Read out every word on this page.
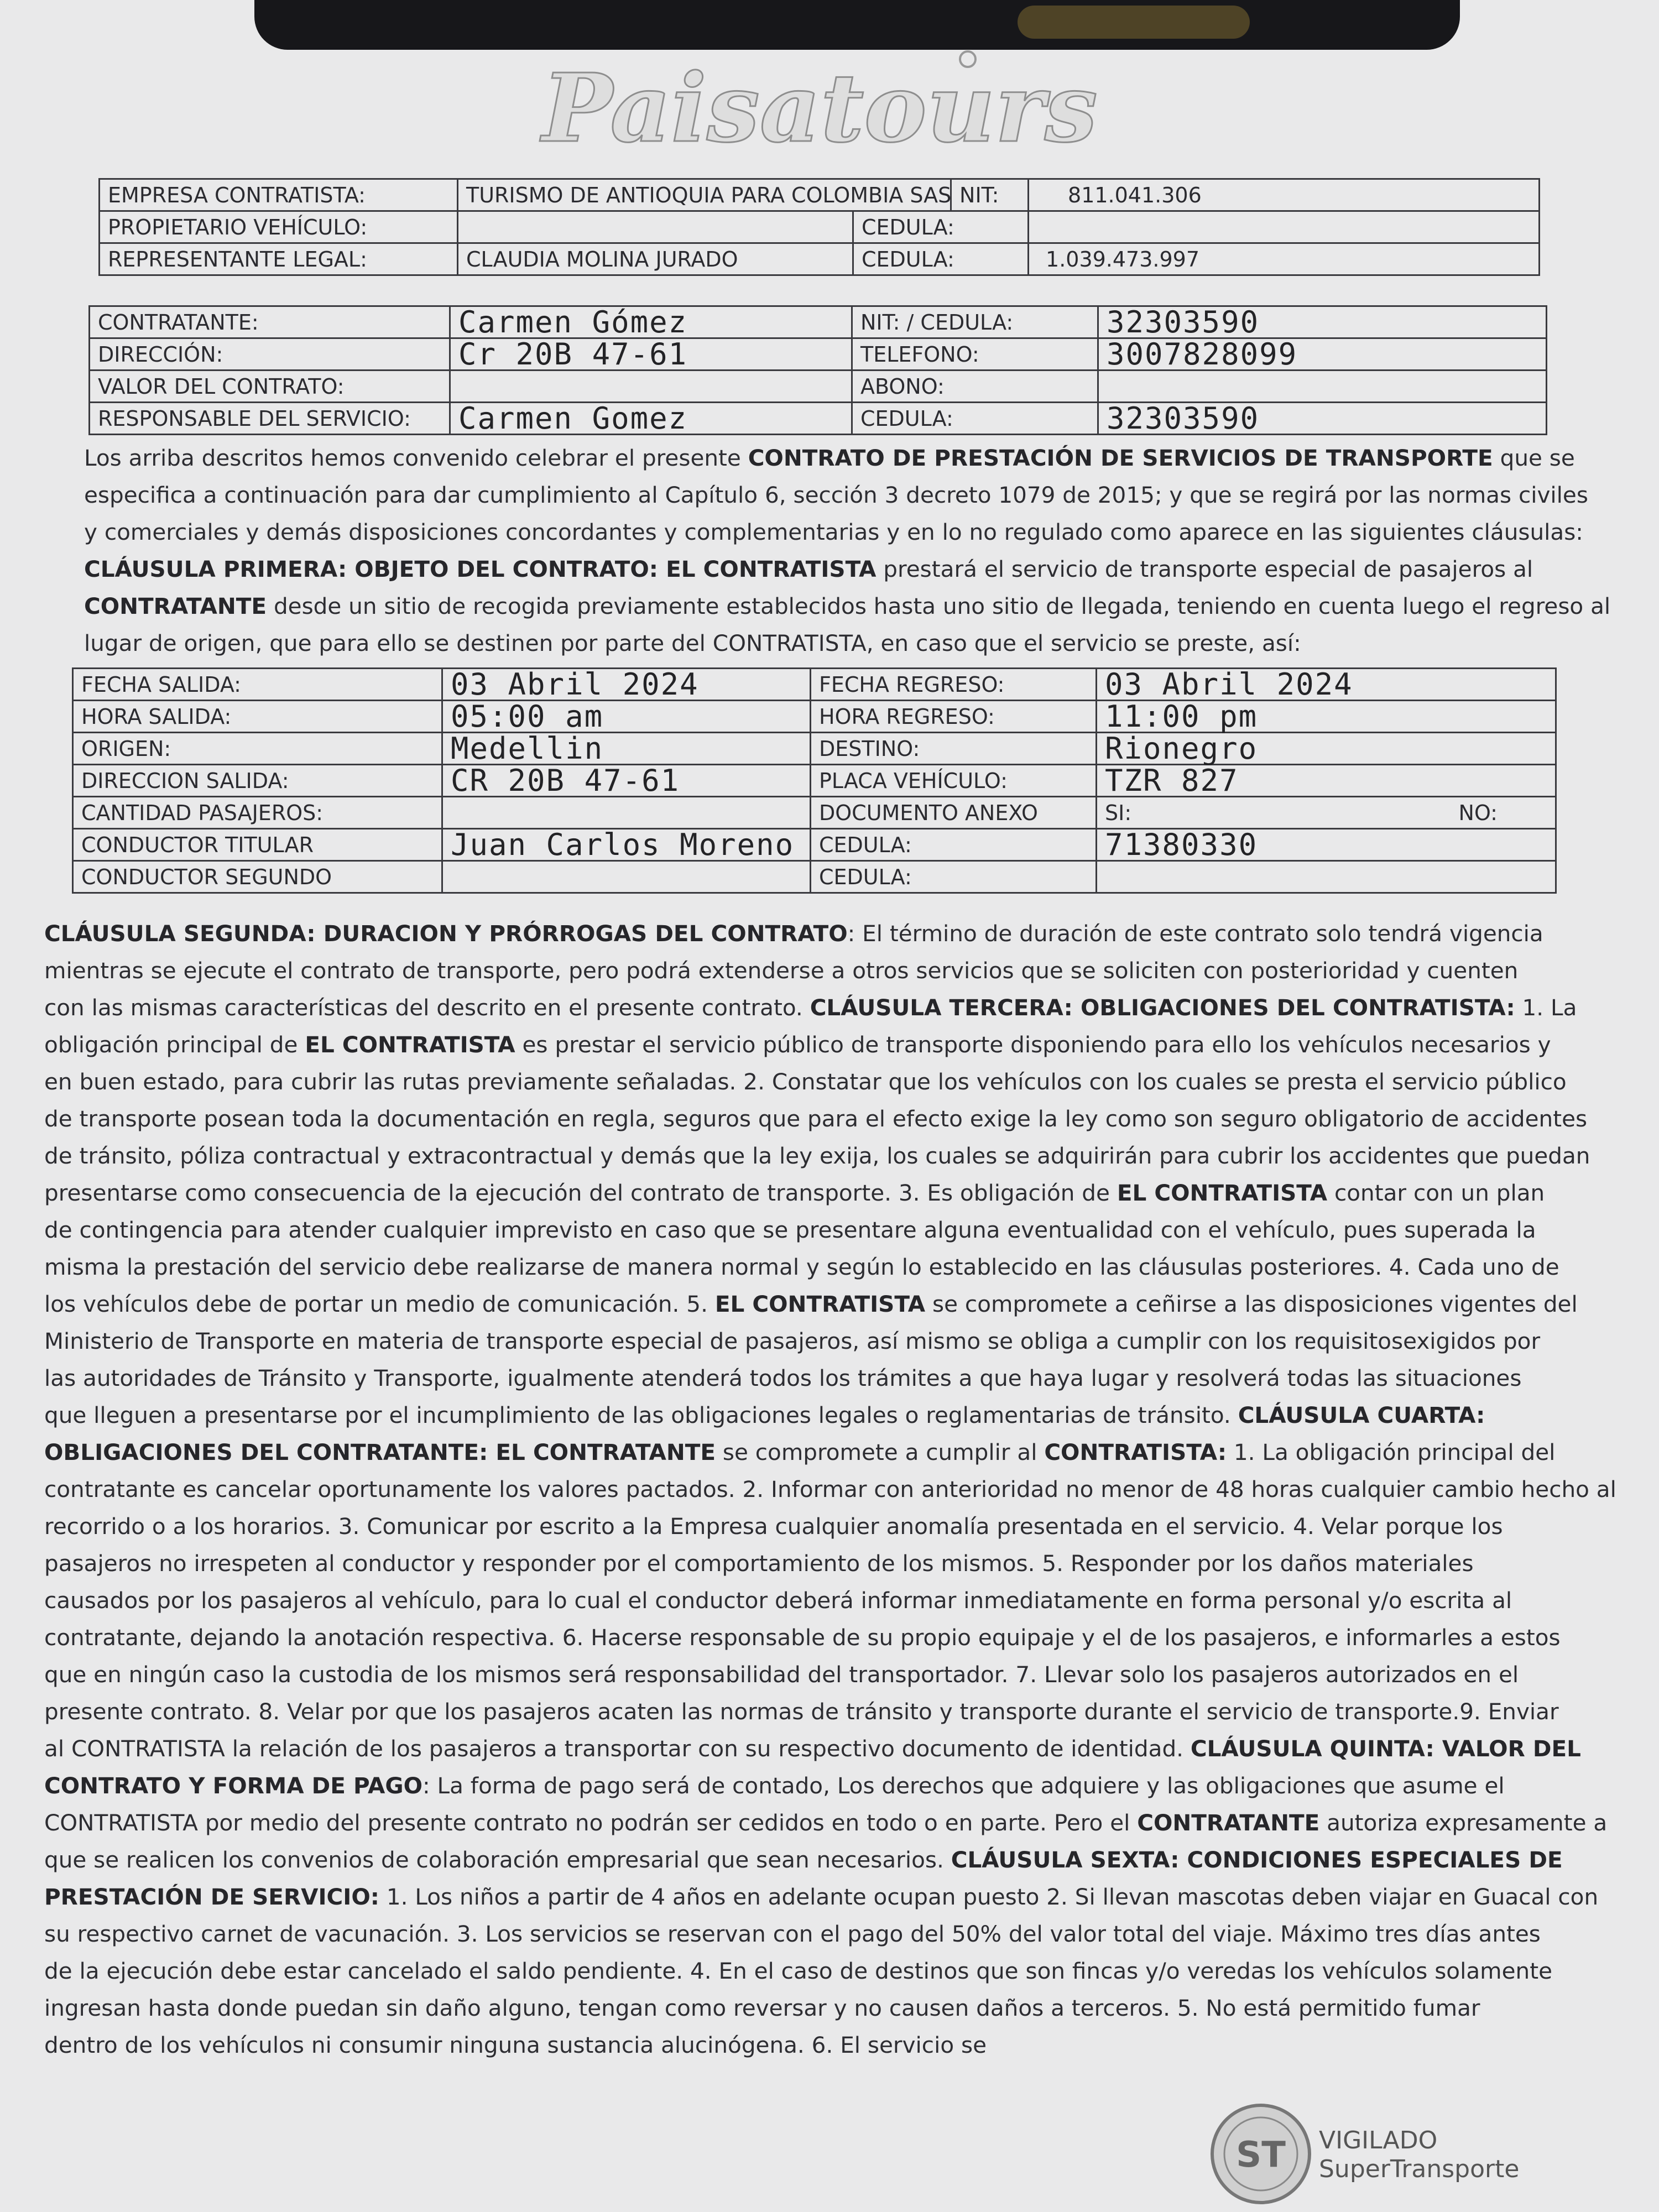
Paisatours
EMPRESA CONTRATISTA:	TURISMO DE ANTIOQUIA PARA COLOMBIA SAS		NIT:	811.041.306
PROPIETARIO VEHÍCULO:		CEDULA:		
REPRESENTANTE LEGAL:	CLAUDIA MOLINA JURADO	CEDULA:		1.039.473.997
CONTRATANTE:	Carmen Gómez	NIT: / CEDULA:	32303590
DIRECCIÓN:	Cr 20B 47-61	TELEFONO:	3007828099
VALOR DEL CONTRATO:		ABONO:	
RESPONSABLE DEL SERVICIO:	Carmen Gomez	CEDULA:	32303590
Los arriba descritos hemos convenido celebrar el presente CONTRATO DE PRESTACIÓN DE SERVICIOS DE TRANSPORTE que se
especifica a continuación para dar cumplimiento al Capítulo 6, sección 3 decreto 1079 de 2015; y que se regirá por las normas civiles
y comerciales y demás disposiciones concordantes y complementarias y en lo no regulado como aparece en las siguientes cláusulas:
CLÁUSULA PRIMERA: OBJETO DEL CONTRATO: EL CONTRATISTA prestará el servicio de transporte especial de pasajeros al
CONTRATANTE desde un sitio de recogida previamente establecidos hasta uno sitio de llegada, teniendo en cuenta luego el regreso al
lugar de origen, que para ello se destinen por parte del CONTRATISTA, en caso que el servicio se preste, así:
FECHA SALIDA:	03 Abril 2024	FECHA REGRESO:	03 Abril 2024
HORA SALIDA:	05:00 am	HORA REGRESO:	11:00 pm
ORIGEN:	Medellin	DESTINO:	Rionegro
DIRECCION SALIDA:	CR 20B 47-61	PLACA VEHÍCULO:	TZR 827
CANTIDAD PASAJEROS:		DOCUMENTO ANEXO	SI: NO:

CONDUCTOR TITULAR	Juan Carlos Moreno	CEDULA:	71380330
CONDUCTOR SEGUNDO		CEDULA:	
CLÁUSULA SEGUNDA: DURACION Y PRÓRROGAS DEL CONTRATO: El término de duración de este contrato solo tendrá vigencia
mientras se ejecute el contrato de transporte, pero podrá extenderse a otros servicios que se soliciten con posterioridad y cuenten
con las mismas características del descrito en el presente contrato. CLÁUSULA TERCERA: OBLIGACIONES DEL CONTRATISTA: 1. La
obligación principal de EL CONTRATISTA es prestar el servicio público de transporte disponiendo para ello los vehículos necesarios y
en buen estado, para cubrir las rutas previamente señaladas. 2. Constatar que los vehículos con los cuales se presta el servicio público
de transporte posean toda la documentación en regla, seguros que para el efecto exige la ley como son seguro obligatorio de accidentes
de tránsito, póliza contractual y extracontractual y demás que la ley exija, los cuales se adquirirán para cubrir los accidentes que puedan
presentarse como consecuencia de la ejecución del contrato de transporte. 3. Es obligación de EL CONTRATISTA contar con un plan
de contingencia para atender cualquier imprevisto en caso que se presentare alguna eventualidad con el vehículo, pues superada la
misma la prestación del servicio debe realizarse de manera normal y según lo establecido en las cláusulas posteriores. 4. Cada uno de
los vehículos debe de portar un medio de comunicación. 5. EL CONTRATISTA se compromete a ceñirse a las disposiciones vigentes del
Ministerio de Transporte en materia de transporte especial de pasajeros, así mismo se obliga a cumplir con los requisitosexigidos por
las autoridades de Tránsito y Transporte, igualmente atenderá todos los trámites a que haya lugar y resolverá todas las situaciones
que lleguen a presentarse por el incumplimiento de las obligaciones legales o reglamentarias de tránsito. CLÁUSULA CUARTA:
OBLIGACIONES DEL CONTRATANTE: EL CONTRATANTE se compromete a cumplir al CONTRATISTA: 1. La obligación principal del
contratante es cancelar oportunamente los valores pactados. 2. Informar con anterioridad no menor de 48 horas cualquier cambio hecho al
recorrido o a los horarios. 3. Comunicar por escrito a la Empresa cualquier anomalía presentada en el servicio. 4. Velar porque los
pasajeros no irrespeten al conductor y responder por el comportamiento de los mismos. 5. Responder por los daños materiales
causados por los pasajeros al vehículo, para lo cual el conductor deberá informar inmediatamente en forma personal y/o escrita al
contratante, dejando la anotación respectiva. 6. Hacerse responsable de su propio equipaje y el de los pasajeros, e informarles a estos
que en ningún caso la custodia de los mismos será responsabilidad del transportador. 7. Llevar solo los pasajeros autorizados en el
presente contrato. 8. Velar por que los pasajeros acaten las normas de tránsito y transporte durante el servicio de transporte.9. Enviar
al CONTRATISTA la relación de los pasajeros a transportar con su respectivo documento de identidad. CLÁUSULA QUINTA: VALOR DEL
CONTRATO Y FORMA DE PAGO: La forma de pago será de contado, Los derechos que adquiere y las obligaciones que asume el
CONTRATISTA por medio del presente contrato no podrán ser cedidos en todo o en parte. Pero el CONTRATANTE autoriza expresamente a
que se realicen los convenios de colaboración empresarial que sean necesarios. CLÁUSULA SEXTA: CONDICIONES ESPECIALES DE
PRESTACIÓN DE SERVICIO: 1. Los niños a partir de 4 años en adelante ocupan puesto 2. Si llevan mascotas deben viajar en Guacal con
su respectivo carnet de vacunación. 3. Los servicios se reservan con el pago del 50% del valor total del viaje. Máximo tres días antes
de la ejecución debe estar cancelado el saldo pendiente. 4. En el caso de destinos que son fincas y/o veredas los vehículos solamente
ingresan hasta donde puedan sin daño alguno, tengan como reversar y no causen daños a terceros. 5. No está permitido fumar
dentro de los vehículos ni consumir ninguna sustancia alucinógena. 6. El servicio se
ST VIGILADO
SuperTransporte
